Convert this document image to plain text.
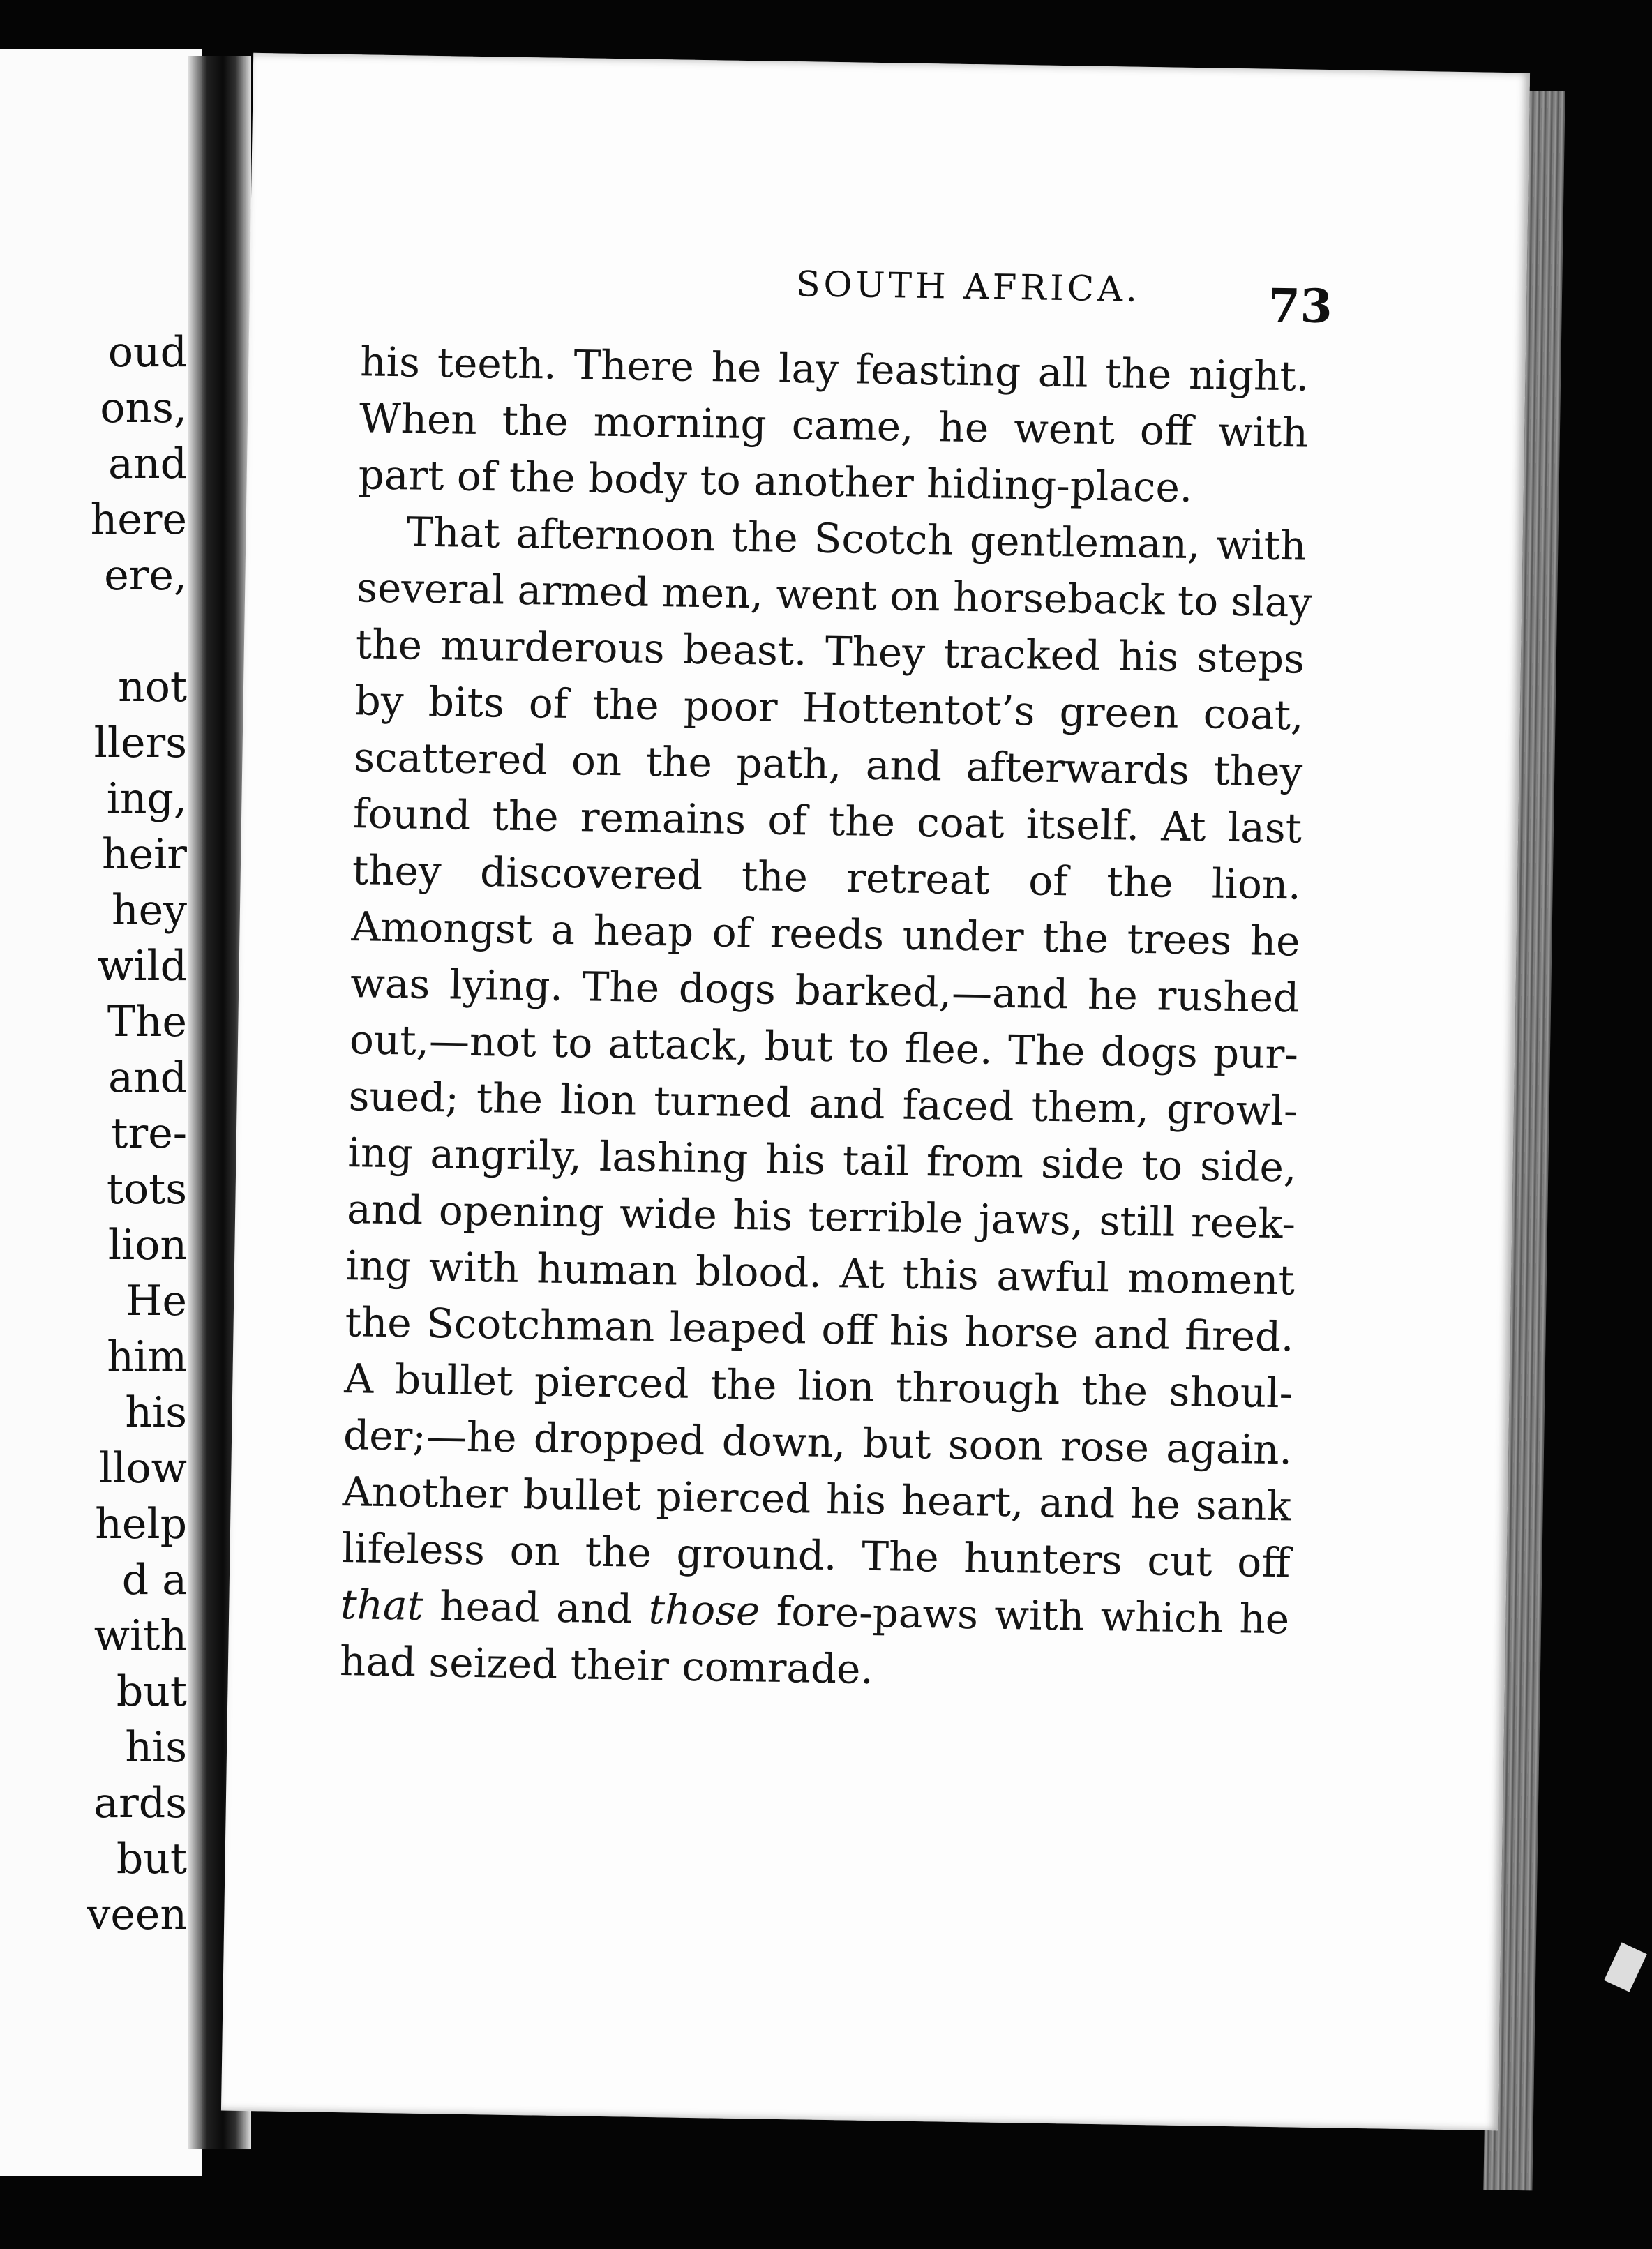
oud
ons,
and
here
ere,
not
llers
ing,
heir
hey
wild
The
and
tre-
tots
lion
He
him
his
llow
help
d a
with
but
his
ards
but
veen
SOUTH AFRICA.	73
his teeth. There he lay feasting all the night.
When the morning came, he went off with
part of the body to another hiding-place.
That afternoon the Scotch gentleman, with
several armed men, went on horseback to slay
the murderous beast. They tracked his steps
by bits of the poor Hottentot’s green coat,
scattered on the path, and afterwards they
found the remains of the coat itself. At last
they discovered the retreat of the lion.
Amongst a heap of reeds under the trees he
was lying. The dogs barked,—and he rushed
out,—not to attack, but to flee. The dogs pur-
sued; the lion turned and faced them, growl-
ing angrily, lashing his tail from side to side,
and opening wide his terrible jaws, still reek-
ing with human blood. At this awful moment
the Scotchman leaped off his horse and fired.
A bullet pierced the lion through the shoul-
der;—he dropped down, but soon rose again.
Another bullet pierced his heart, and he sank
lifeless on the ground. The hunters cut off
that head and those fore-paws with which he
had seized their comrade.
